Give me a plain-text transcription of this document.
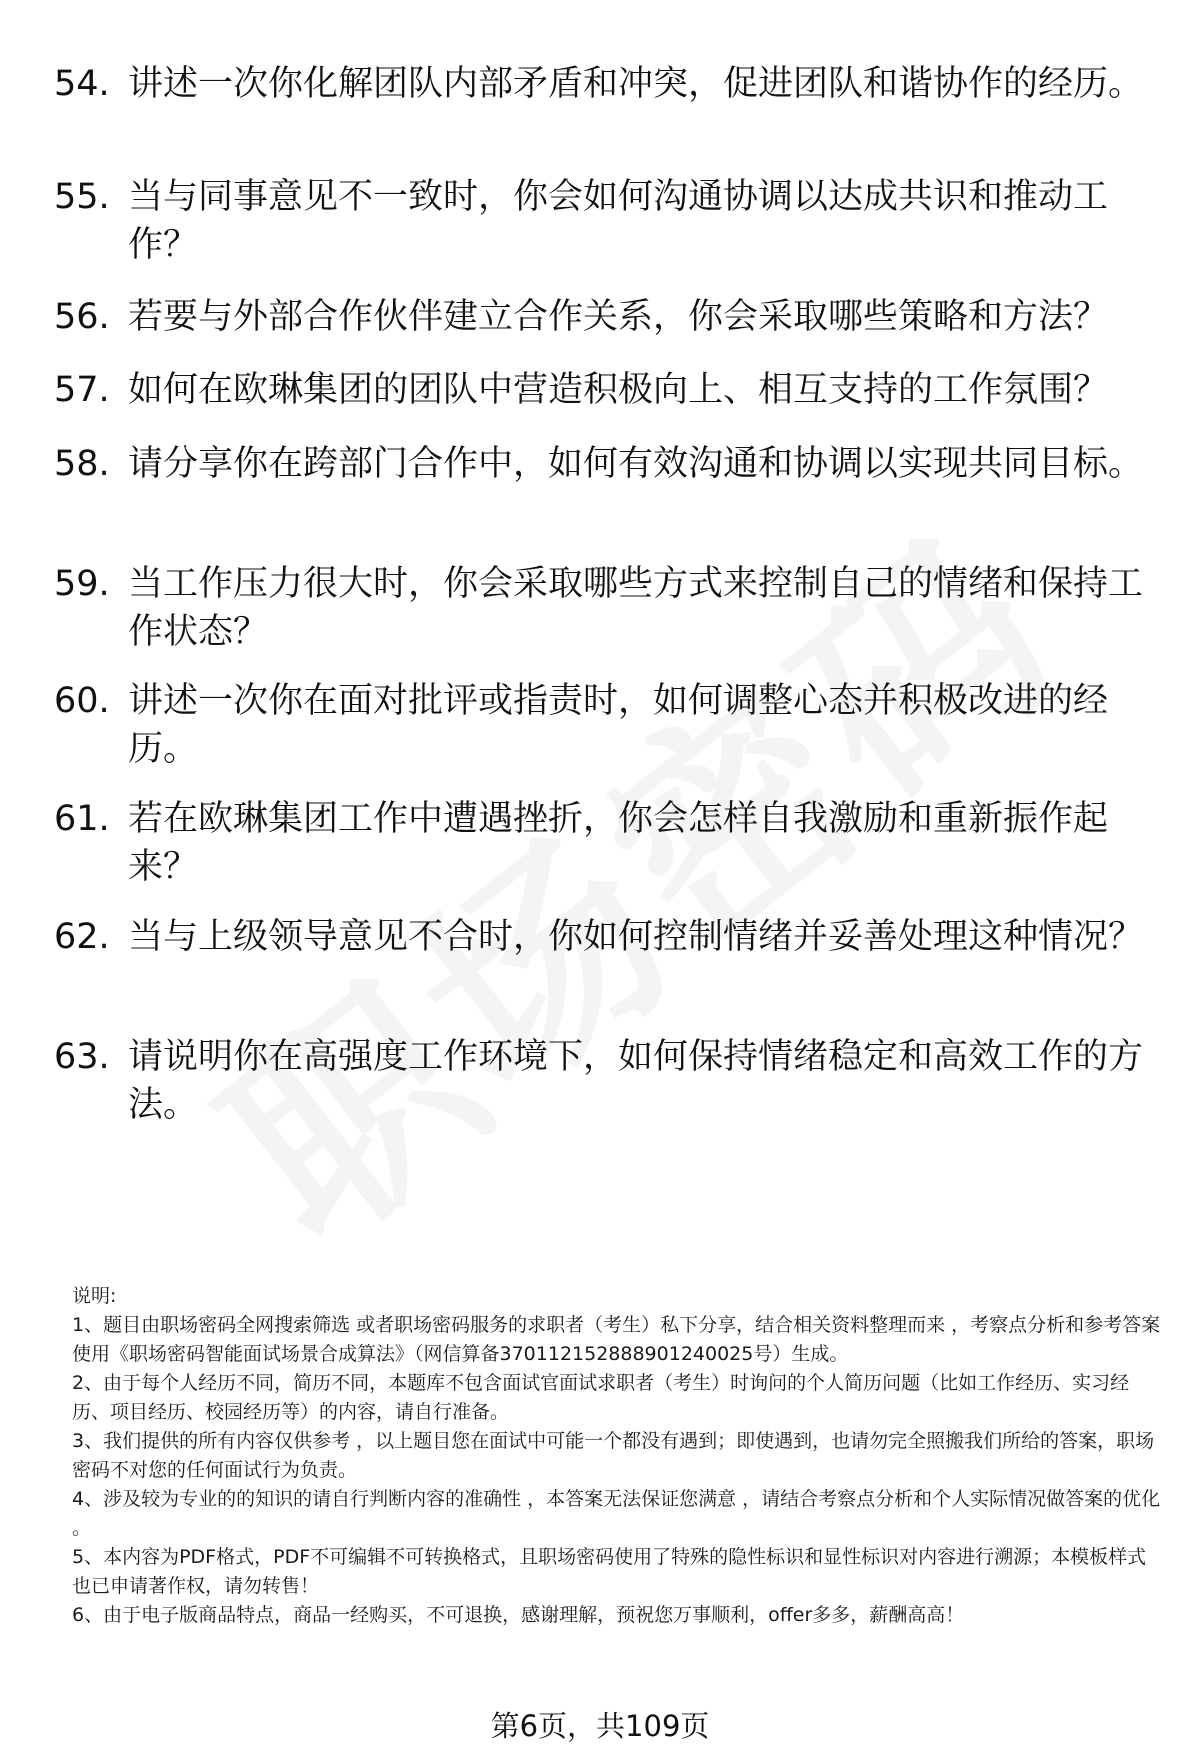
54. 讲述一次你化解团队内部矛盾和冲突，促进团队和谐协作的经历。
55. 当与同事意见不一致时，你会如何沟通协调以达成共识和推动工作？
56. 若要与外部合作伙伴建立合作关系，你会采取哪些策略和方法？
57. 如何在欧琳集团的团队中营造积极向上、相互支持的工作氛围？
58. 请分享你在跨部门合作中，如何有效沟通和协调以实现共同目标。
59. 当工作压力很大时，你会采取哪些方式来控制自己的情绪和保持工作状态？
60. 讲述一次你在面对批评或指责时，如何调整心态并积极改进的经历。
61. 若在欧琳集团工作中遭遇挫折，你会怎样自我激励和重新振作起来？
62. 当与上级领导意见不合时，你如何控制情绪并妥善处理这种情况？
63. 请说明你在高强度工作环境下，如何保持情绪稳定和高效工作的方法。

说明:

1、题目由职场密码全网搜索筛选 或者职场密码服务的求职者（考生）私下分享，结合相关资料整理而来 ，考察点分析和参考答案使用《职场密码智能面试场景合成算法》（网信算备370112152888901240025号）生成。

2、由于每个人经历不同，简历不同，本题库不包含面试官面试求职者（考生）时询问的个人简历问题（比如工作经历、实习经历、项目经历、校园经历等）的内容，请自行准备。

3、我们提供的所有内容仅供参考 ，以上题目您在面试中可能一个都没有遇到；即使遇到，也请勿完全照搬我们所给的答案，职场密码不对您的任何面试行为负责。

4、涉及较为专业的的知识的请自行判断内容的准确性 ，本答案无法保证您满意 ，请结合考察点分析和个人实际情况做答案的优化 。

5、本内容为PDF格式，PDF不可编辑不可转换格式，且职场密码使用了特殊的隐性标识和显性标识对内容进行溯源；本模板样式也已申请著作权，请勿转售！

6、由于电子版商品特点，商品一经购买，不可退换，感谢理解，预祝您万事顺利，offer多多，薪酬高高！

第6页，共109页
